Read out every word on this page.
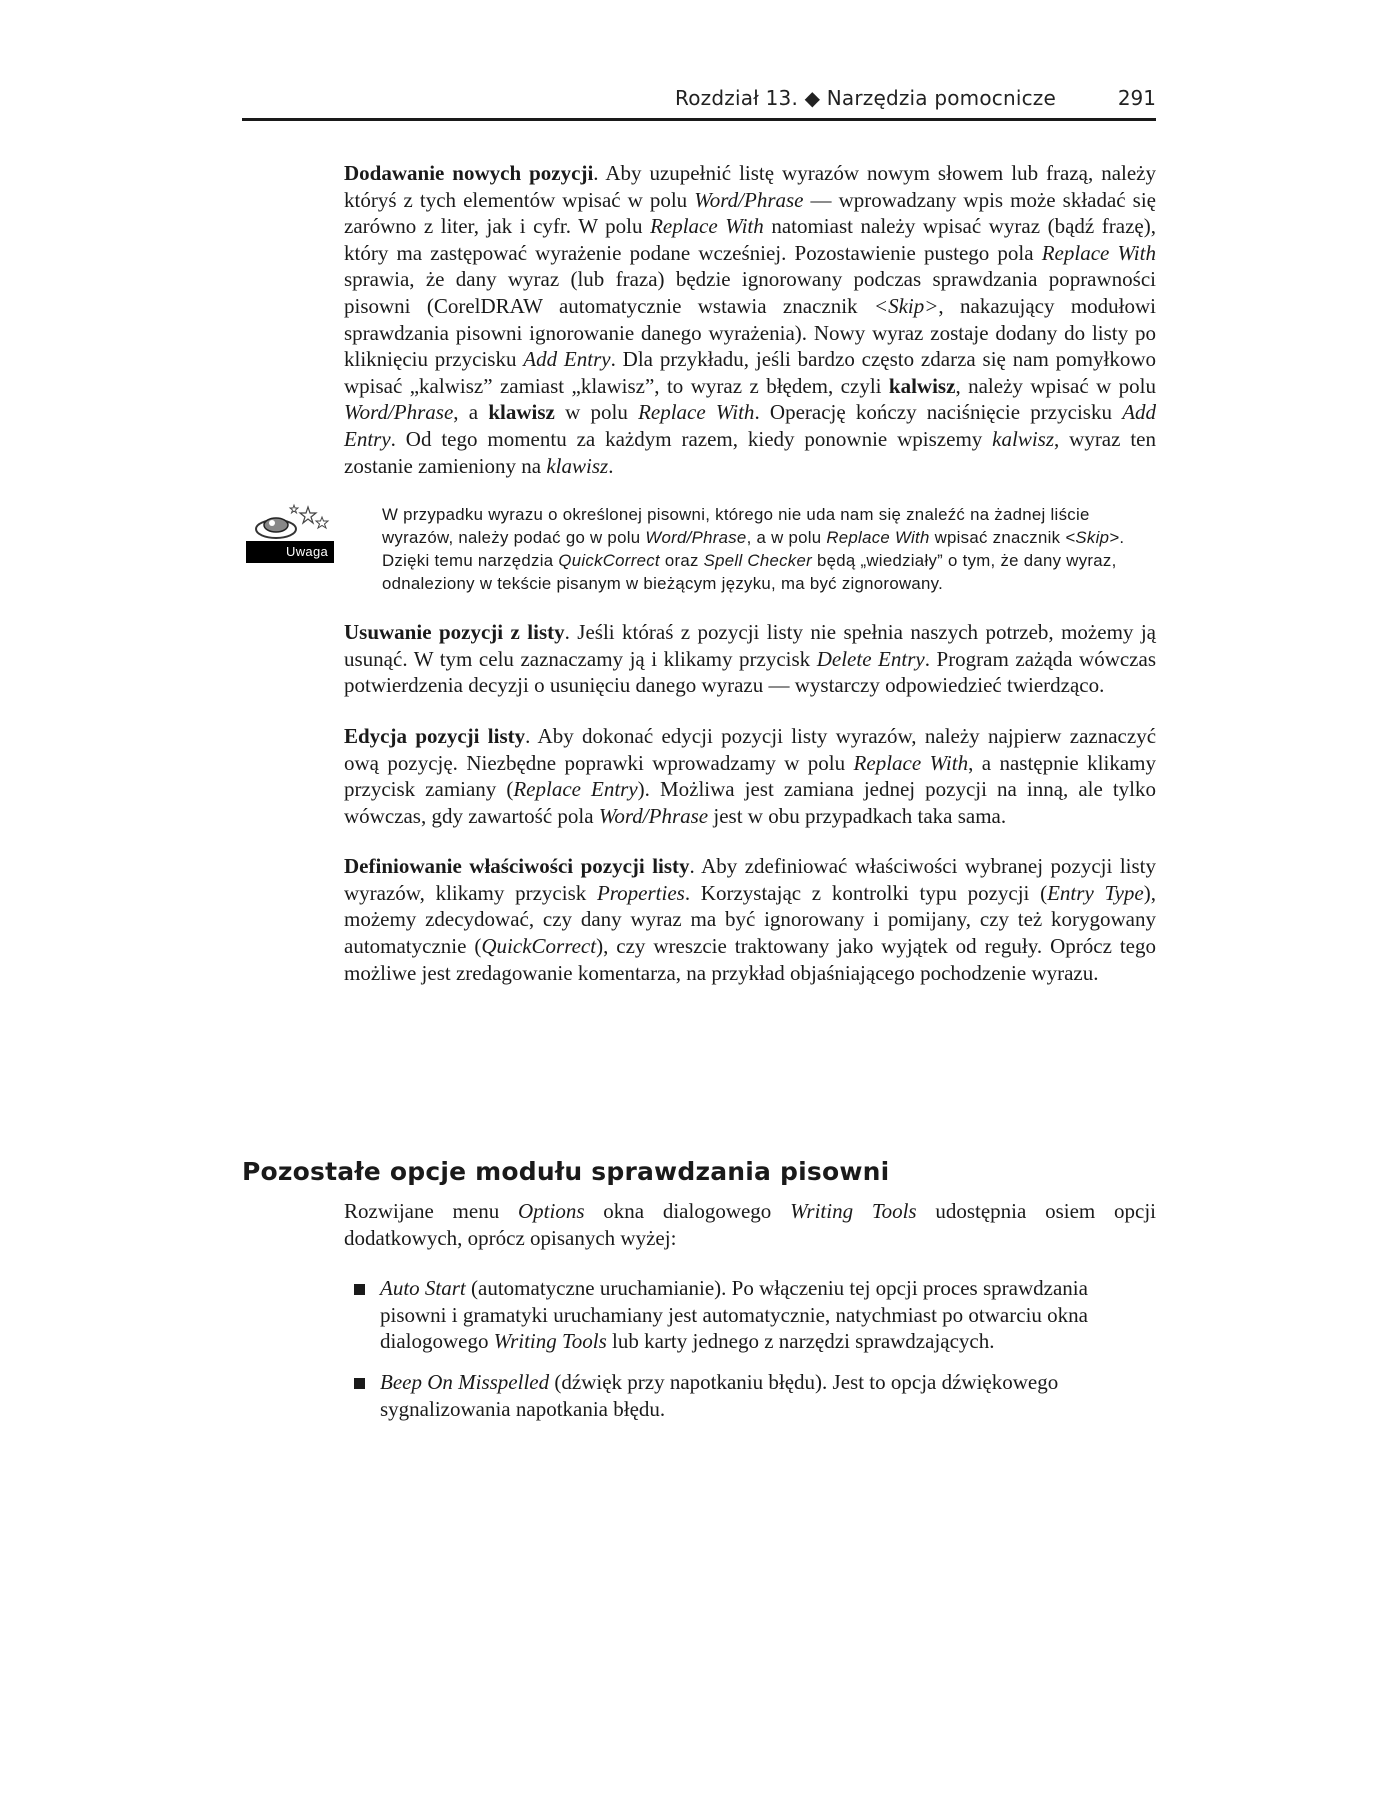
Rozdział 13. ◆ Narzędzia pomocnicze	291

Dodawanie nowych pozycji. Aby uzupełnić listę wyrazów nowym słowem lub frazą, należy któryś z tych elementów wpisać w polu Word/Phrase — wprowadzany wpis może składać się zarówno z liter, jak i cyfr. W polu Replace With natomiast należy wpisać wyraz (bądź frazę), który ma zastępować wyrażenie podane wcześniej. Pozostawienie pustego pola Replace With sprawia, że dany wyraz (lub fraza) będzie ignorowany podczas sprawdzania poprawności pisowni (CorelDRAW automatycznie wstawia znacznik <Skip>, nakazujący modułowi sprawdzania pisowni ignorowanie danego wyrażenia). Nowy wyraz zostaje dodany do listy po kliknięciu przycisku Add Entry. Dla przykładu, jeśli bardzo często zdarza się nam pomyłkowo wpisać „kalwisz” zamiast „klawisz”, to wyraz z błędem, czyli kalwisz, należy wpisać w polu Word/Phrase, a klawisz w polu Replace With. Operację kończy naciśnięcie przycisku Add Entry. Od tego momentu za każdym razem, kiedy ponownie wpiszemy kalwisz, wyraz ten zostanie zamieniony na klawisz.

Uwaga
W przypadku wyrazu o określonej pisowni, którego nie uda nam się znaleźć na żadnej liście wyrazów, należy podać go w polu Word/Phrase, a w polu Replace With wpisać znacznik <Skip>. Dzięki temu narzędzia QuickCorrect oraz Spell Checker będą „wiedziały” o tym, że dany wyraz, odnaleziony w tekście pisanym w bieżącym języku, ma być zignorowany.

Usuwanie pozycji z listy. Jeśli któraś z pozycji listy nie spełnia naszych potrzeb, możemy ją usunąć. W tym celu zaznaczamy ją i klikamy przycisk Delete Entry. Program zażąda wówczas potwierdzenia decyzji o usunięciu danego wyrazu — wystarczy odpowiedzieć twierdząco.

Edycja pozycji listy. Aby dokonać edycji pozycji listy wyrazów, należy najpierw zaznaczyć ową pozycję. Niezbędne poprawki wprowadzamy w polu Replace With, a następnie klikamy przycisk zamiany (Replace Entry). Możliwa jest zamiana jednej pozycji na inną, ale tylko wówczas, gdy zawartość pola Word/Phrase jest w obu przypadkach taka sama.

Definiowanie właściwości pozycji listy. Aby zdefiniować właściwości wybranej pozycji listy wyrazów, klikamy przycisk Properties. Korzystając z kontrolki typu pozycji (Entry Type), możemy zdecydować, czy dany wyraz ma być ignorowany i pomijany, czy też korygowany automatycznie (QuickCorrect), czy wreszcie traktowany jako wyjątek od reguły. Oprócz tego możliwe jest zredagowanie komentarza, na przykład objaśniającego pochodzenie wyrazu.

Pozostałe opcje modułu sprawdzania pisowni

Rozwijane menu Options okna dialogowego Writing Tools udostępnia osiem opcji dodatkowych, oprócz opisanych wyżej:

Auto Start (automatyczne uruchamianie). Po włączeniu tej opcji proces sprawdzania pisowni i gramatyki uruchamiany jest automatycznie, natychmiast po otwarciu okna dialogowego Writing Tools lub karty jednego z narzędzi sprawdzających.
Beep On Misspelled (dźwięk przy napotkaniu błędu). Jest to opcja dźwiękowego sygnalizowania napotkania błędu.
